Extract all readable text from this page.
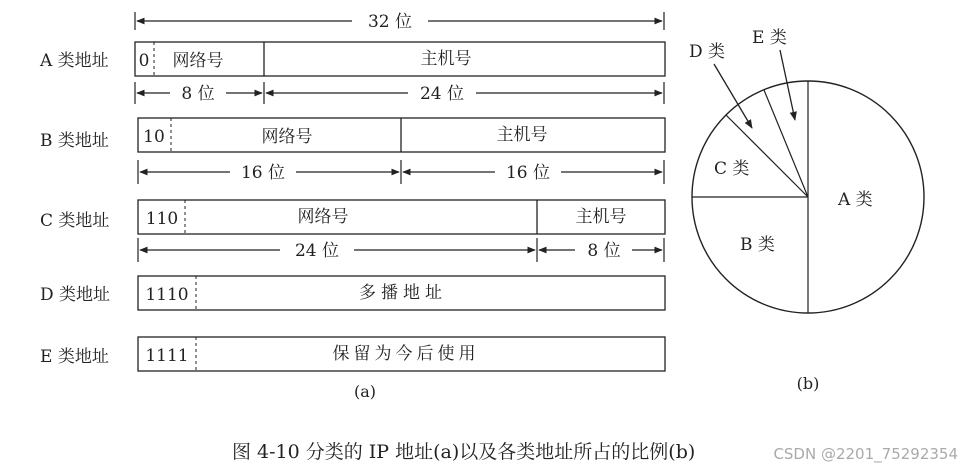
32 位
A 类地址 0 网络号	主机号
8 位	24 位
B 类地址 10	网络号	主机号
16 位	16 位
C 类地址 110	网络号	主机号
24 位	8 位
D 类地址 1110	多播地址
E 类地址 1111	保留为今后使用
(a)
D 类
E 类
C 类
B 类
A 类
(b)
图 4-10 分类的 IP 地址(a)以及各类地址所占的比例(b)	CSDN @2201_75292354
